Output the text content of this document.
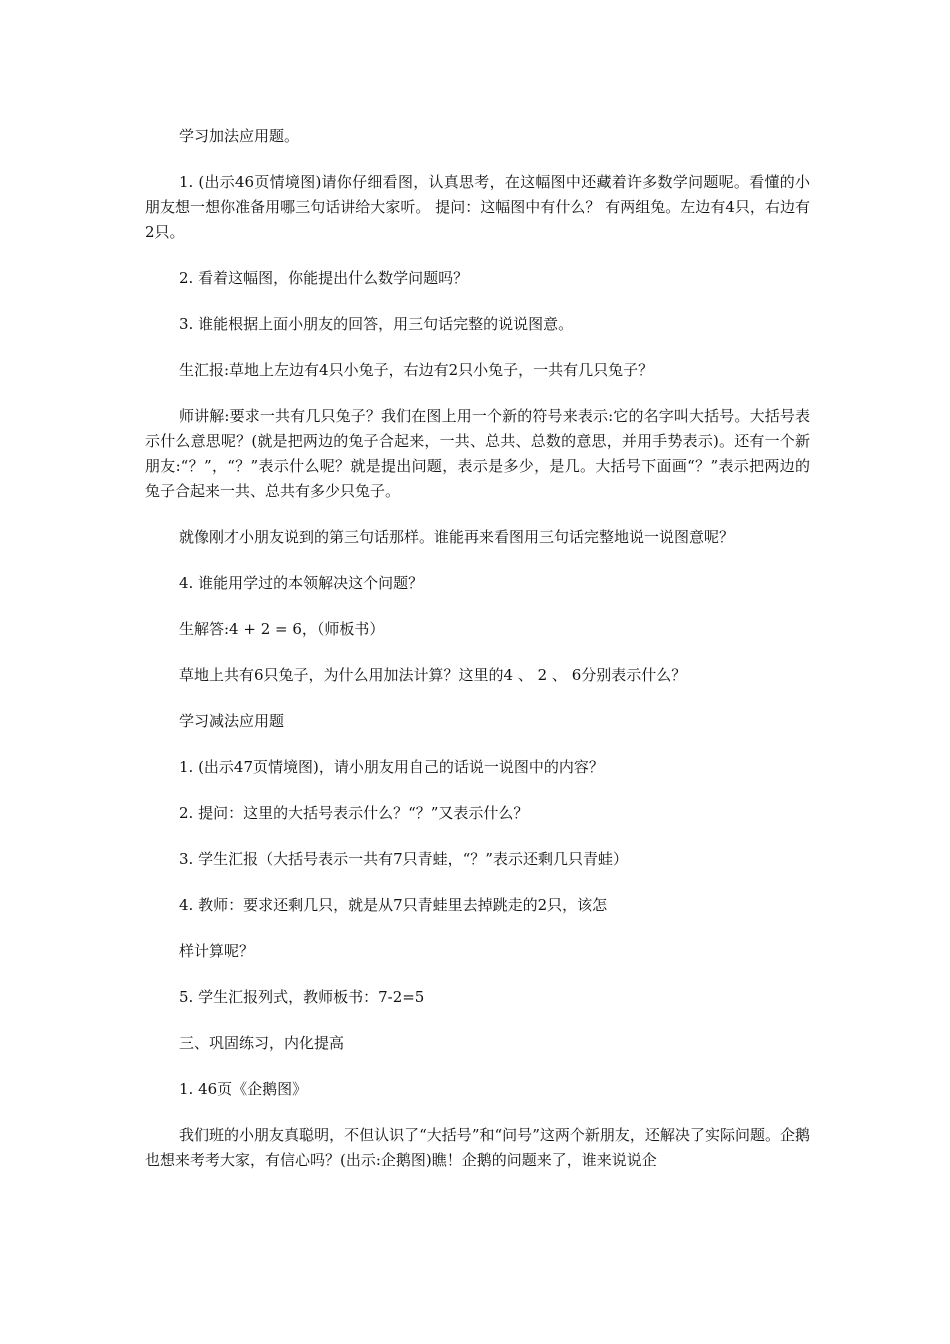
学习加法应用题。

1. (出示46页情境图)请你仔细看图，认真思考，在这幅图中还藏着许多数学问题呢。看懂的小朋友想一想你准备用哪三句话讲给大家听。 提问：这幅图中有什么？ 有两组兔。左边有4只，右边有2只。

2. 看着这幅图，你能提出什么数学问题吗？

3. 谁能根据上面小朋友的回答，用三句话完整的说说图意。

生汇报:草地上左边有4只小兔子，右边有2只小兔子，一共有几只兔子？

师讲解:要求一共有几只兔子？我们在图上用一个新的符号来表示:它的名字叫大括号。大括号表示什么意思呢？(就是把两边的兔子合起来，一共、总共、总数的意思，并用手势表示)。还有一个新朋友:“？”，“？”表示什么呢？就是提出问题，表示是多少，是几。大括号下面画“？”表示把两边的兔子合起来一共、总共有多少只兔子。

就像刚才小朋友说到的第三句话那样。谁能再来看图用三句话完整地说一说图意呢？

4. 谁能用学过的本领解决这个问题？

生解答:4 + 2 = 6，（师板书）

草地上共有6只兔子，为什么用加法计算？这里的4 、 2 、 6分别表示什么？

学习减法应用题

1. (出示47页情境图)，请小朋友用自己的话说一说图中的内容？

2. 提问：这里的大括号表示什么？“？”又表示什么？

3. 学生汇报（大括号表示一共有7只青蛙，“？”表示还剩几只青蛙）

4. 教师：要求还剩几只，就是从7只青蛙里去掉跳走的2只，该怎

样计算呢？

5. 学生汇报列式，教师板书：7-2=5

三、巩固练习，内化提高

1. 46页《企鹅图》

我们班的小朋友真聪明，不但认识了“大括号”和“问号”这两个新朋友，还解决了实际问题。企鹅也想来考考大家，有信心吗？(出示:企鹅图)瞧！企鹅的问题来了，谁来说说企
